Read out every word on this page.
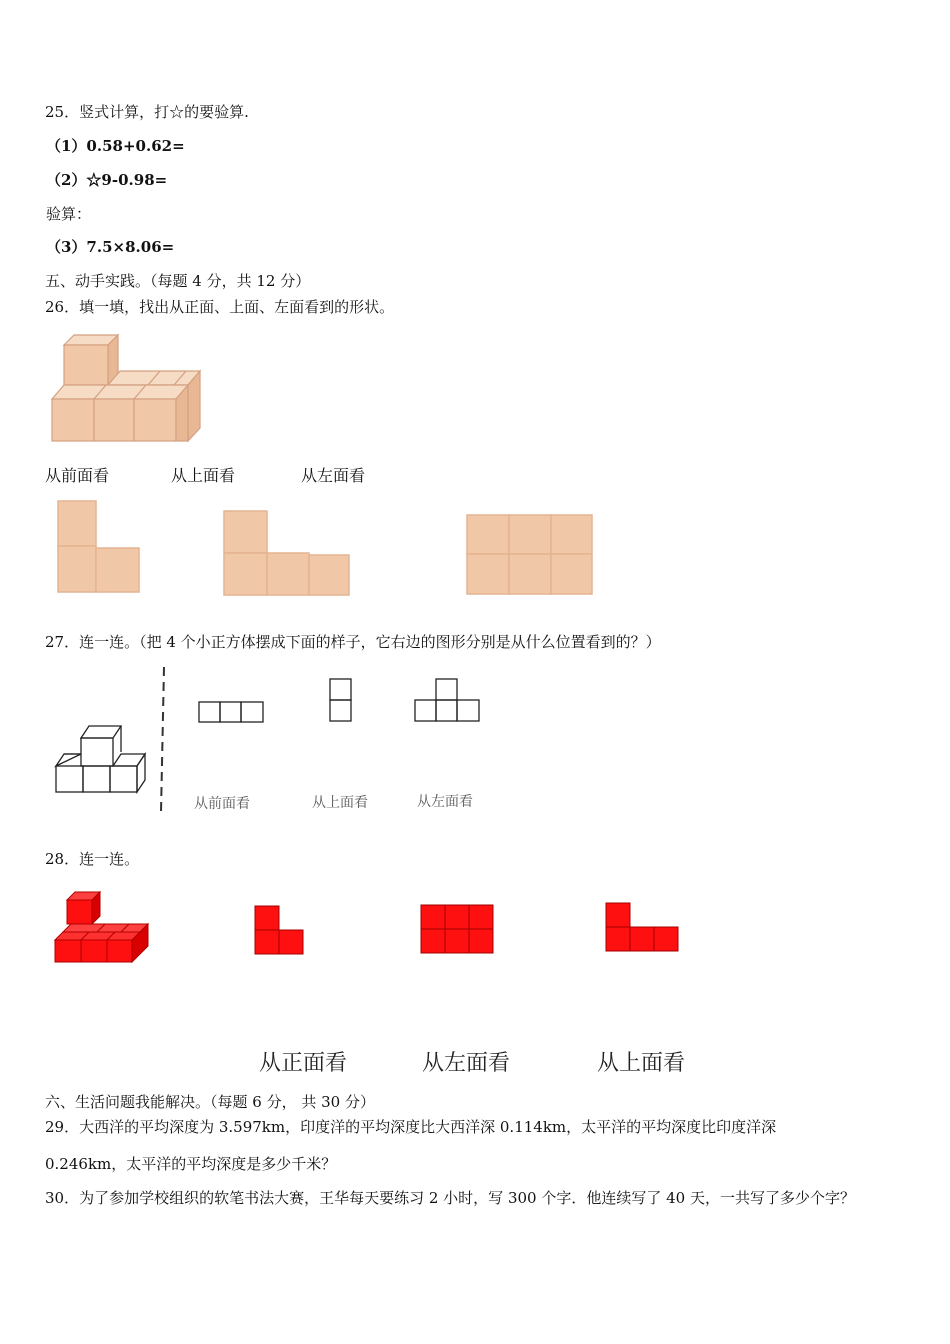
25．竖式计算，打☆的要验算.
（1）0.58+0.62=
（2）☆9-0.98=
验算：
（3）7.5×8.06=
五、动手实践。（每题 4 分，共 12 分）
26．填一填，找出从正面、上面、左面看到的形状。
从前面看	从上面看	从左面看
27．连一连。（把 4 个小正方体摆成下面的样子，它右边的图形分别是从什么位置看到的？）
从前面看	从上面看	从左面看
28．连一连。
从正面看	从左面看	从上面看
六、生活问题我能解决。（每题 6 分， 共 30 分）
29．大西洋的平均深度为 3.597km，印度洋的平均深度比大西洋深 0.114km，太平洋的平均深度比印度洋深
0.246km，太平洋的平均深度是多少千米？
30．为了参加学校组织的软笔书法大赛，王华每天要练习 2 小时，写 300 个字．他连续写了 40 天，一共写了多少个字？
